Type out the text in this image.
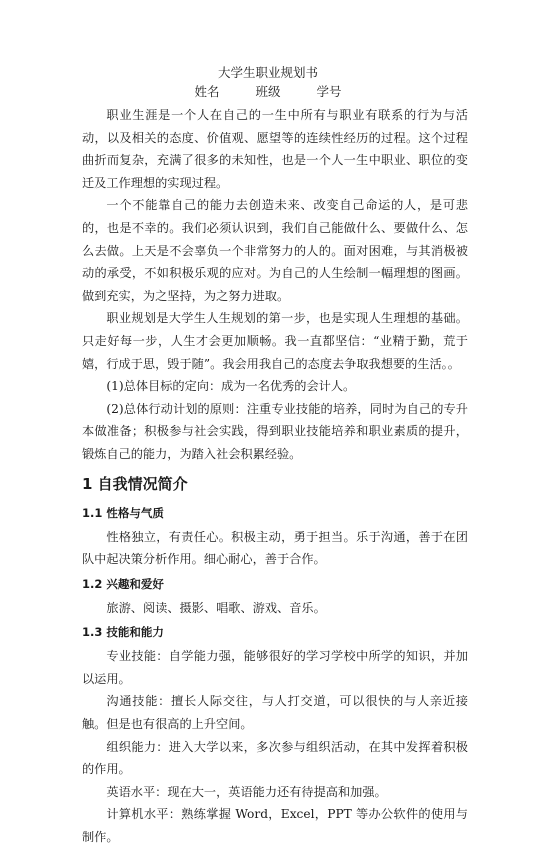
大学生职业规划书
姓名	班级	学号

职业生涯是一个人在自己的一生中所有与职业有联系的行为与活动，以及相关的态度、价值观、愿望等的连续性经历的过程。这个过程曲折而复杂，充满了很多的未知性，也是一个人一生中职业、职位的变迁及工作理想的实现过程。

一个不能靠自己的能力去创造未来、改变自己命运的人，是可悲的，也是不幸的。我们必须认识到，我们自己能做什么、要做什么、怎么去做。上天是不会辜负一个非常努力的人的。面对困难，与其消极被动的承受，不如积极乐观的应对。为自己的人生绘制一幅理想的图画。做到充实，为之坚持，为之努力进取。

职业规划是大学生人生规划的第一步，也是实现人生理想的基础。只走好每一步，人生才会更加顺畅。我一直都坚信：“业精于勤，荒于嬉，行成于思，毁于随”。我会用我自己的态度去争取我想要的生活。。

(1)总体目标的定向：成为一名优秀的会计人。

(2)总体行动计划的原则：注重专业技能的培养，同时为自己的专升本做准备；积极参与社会实践，得到职业技能培养和职业素质的提升，锻炼自己的能力，为踏入社会积累经验。

1 自我情况简介

1.1 性格与气质

性格独立，有责任心。积极主动，勇于担当。乐于沟通，善于在团队中起决策分析作用。细心耐心，善于合作。

1.2 兴趣和爱好

旅游、阅读、摄影、唱歌、游戏、音乐。

1.3 技能和能力

专业技能：自学能力强，能够很好的学习学校中所学的知识，并加以运用。

沟通技能：擅长人际交往，与人打交道，可以很快的与人亲近接触。但是也有很高的上升空间。

组织能力：进入大学以来，多次参与组织活动，在其中发挥着积极的作用。

英语水平：现在大一，英语能力还有待提高和加强。

计算机水平：熟练掌握 Word，Excel，PPT 等办公软件的使用与制作。
